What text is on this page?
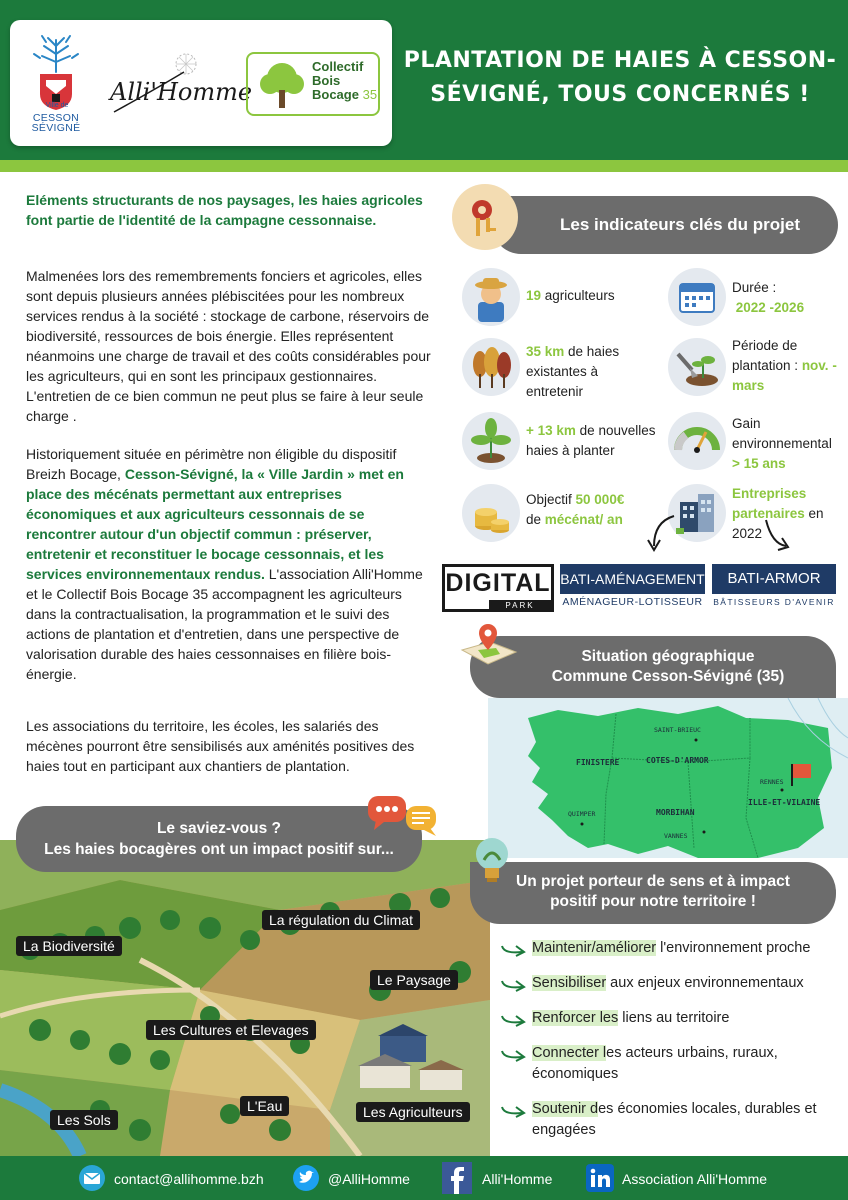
Ville de
CESSON SÉVIGNÉ
Alli'Homme
Collectif
Bois
Bocage 35
PLANTATION DE HAIES À CESSON-SÉVIGNÉ, TOUS CONCERNÉS !
Eléments structurants de nos paysages, les haies agricoles font partie de l'identité de la campagne cessonnaise.
Malmenées lors des remembrements fonciers et agricoles, elles sont depuis plusieurs années plébiscitées pour les nombreux services rendus à la société : stockage de carbone, réservoirs de biodiversité, ressources de bois énergie. Elles représentent néanmoins une charge de travail et des coûts considérables pour les agriculteurs, qui en sont les principaux gestionnaires. L'entretien de ce bien commun ne peut plus se faire à leur seule charge .
Historiquement située en périmètre non éligible du dispositif Breizh Bocage, Cesson-Sévigné, la « Ville Jardin » met en place des mécénats permettant aux entreprises économiques et aux agriculteurs cessonnais de se rencontrer autour d'un objectif commun : préserver, entretenir et reconstituer le bocage cessonnais, et les services environnementaux rendus. L'association Alli'Homme et le Collectif Bois Bocage 35 accompagnent les agriculteurs dans la contractualisation, la programmation et le suivi des actions de plantation et d'entretien, dans une perspective de valorisation durable des haies cessonnaises en filière bois-énergie.
Les associations du territoire, les écoles, les salariés des mécènes pourront être sensibilisés aux aménités positives des haies tout en participant aux chantiers de plantation.
Les indicateurs clés du projet
19 agriculteurs
35 km de haies existantes à entretenir
+ 13 km de nouvelles haies à planter
Objectif 50 000€
de mécénat/ an
Durée :
2022 -2026
Période de plantation : nov. - mars
Gain environnemental
> 15 ans
Entreprises partenaires en 2022
DIGITAL
PARK
BATI-AMÉNAGEMENT
AMÉNAGEUR-LOTISSEUR
BATI-ARMOR
BÂTISSEURS D'AVENIR
Situation géographique
Commune Cesson-Sévigné (35)
SAINT-BRIEUC
FINISTERE	COTES-D'ARMOR
QUIMPER
RENNES
ILLE-ET-VILAINE
MORBIHAN
VANNES
Le saviez-vous ?
Les haies bocagères ont un impact positif sur...
La régulation du Climat
La Biodiversité
Le Paysage
Les Cultures et Elevages
Les Sols
L'Eau	Les Agriculteurs
Un projet porteur de sens et à impact
positif pour notre territoire !
Maintenir/améliorer l'environnement proche
Sensibiliser aux enjeux environnementaux
Renforcer les liens au territoire
Connecter les acteurs urbains, ruraux, économiques
Soutenir des économies locales, durables et engagées
contact@allihomme.bzh	@AlliHomme	Alli'Homme	Association Alli'Homme
